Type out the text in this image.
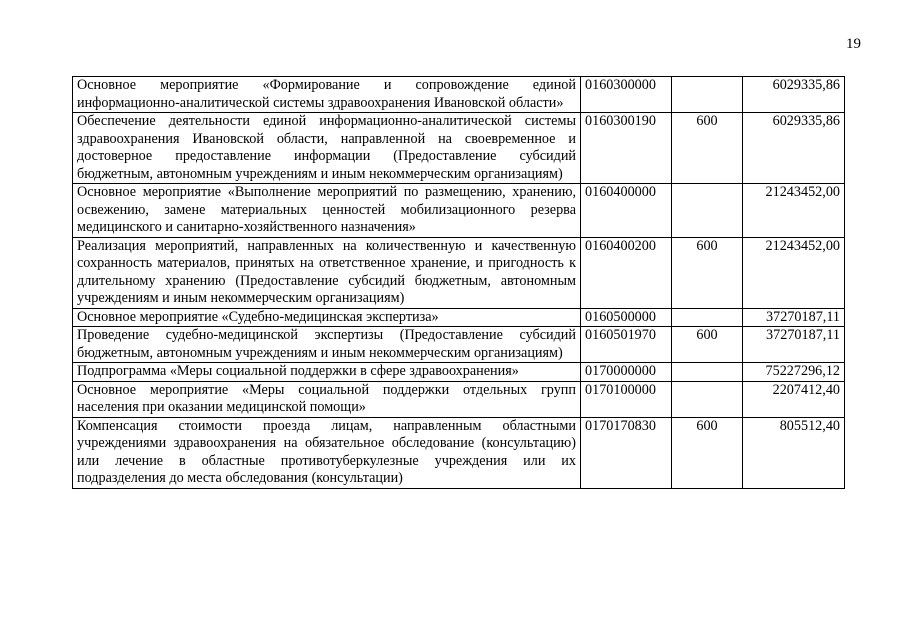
19
Основное мероприятие «Формирование и сопровождение единой информационно-аналитической системы здравоохранения Ивановской области»	0160300000		6029335,86
Обеспечение деятельности единой информационно-аналитической системы здравоохранения Ивановской области, направленной на своевременное и достоверное предоставление информации (Предоставление субсидий бюджетным, автономным учреждениям и иным некоммерческим организациям)	0160300190	600	6029335,86
Основное мероприятие «Выполнение мероприятий по размещению, хранению, освежению, замене материальных ценностей мобилизационного резерва медицинского и санитарно-хозяйственного назначения»	0160400000		21243452,00
Реализация мероприятий, направленных на количественную и качественную сохранность материалов, принятых на ответственное хранение, и пригодность к длительному хранению (Предоставление субсидий бюджетным, автономным учреждениям и иным некоммерческим организациям)	0160400200	600	21243452,00
Основное мероприятие «Судебно-медицинская экспертиза»	0160500000		37270187,11
Проведение судебно-медицинской экспертизы (Предоставление субсидий бюджетным, автономным учреждениям и иным некоммерческим организациям)	0160501970	600	37270187,11
Подпрограмма «Меры социальной поддержки в сфере здравоохранения»	0170000000		75227296,12
Основное мероприятие «Меры социальной поддержки отдельных групп населения при оказании медицинской помощи»	0170100000		2207412,40
Компенсация стоимости проезда лицам, направленным областными учреждениями здравоохранения на обязательное обследование (консультацию) или лечение в областные противотуберкулезные учреждения или их подразделения до места обследования (консультации)	0170170830	600	805512,40
